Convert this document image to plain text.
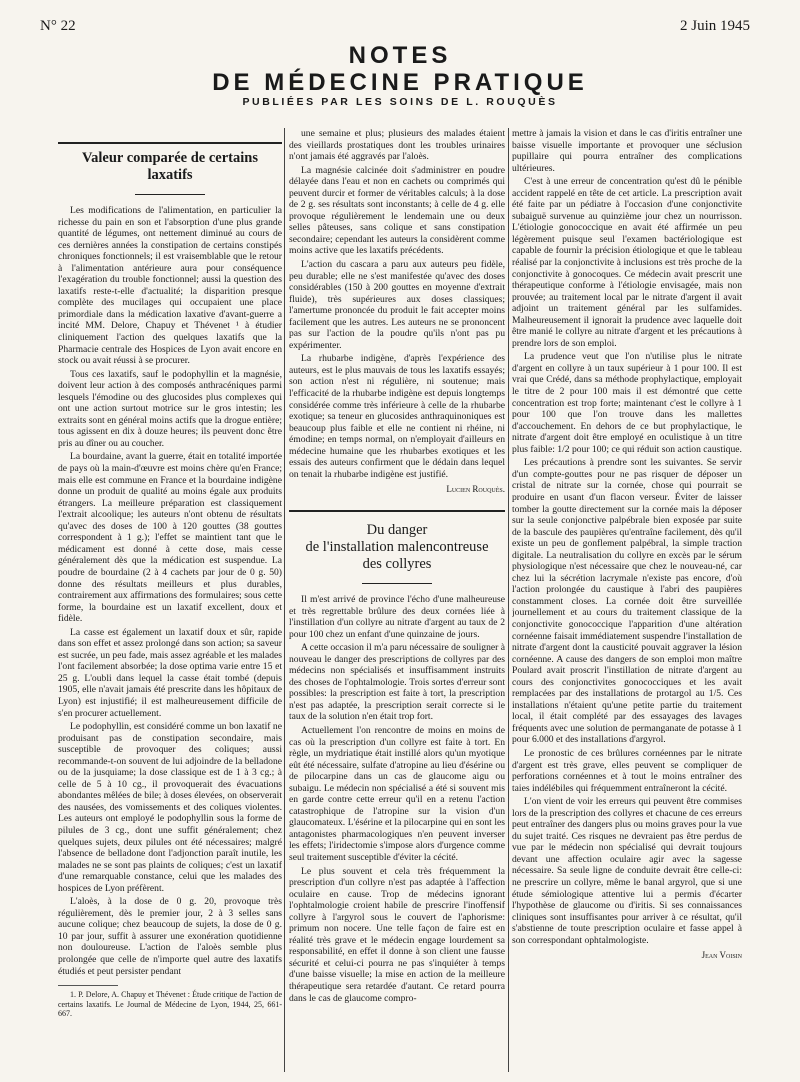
N° 22	2 Juin 1945
NOTES
DE MÉDECINE PRATIQUE
PUBLIÉES PAR LES SOINS DE L. ROUQUÈS
Valeur comparée de certains laxatifs

Les modifications de l'alimentation, en particulier la richesse du pain en son et l'absorption d'une plus grande quantité de légumes, ont nettement diminué au cours de ces dernières années la constipation de certains constipés chroniques fonctionnels; il est vraisemblable que le retour à l'alimentation antérieure aura pour conséquence l'exagération du trouble fonctionnel; aussi la question des laxatifs reste-t-elle d'actualité; la disparition presque complète des mucilages qui occupaient une place primordiale dans la médication laxative d'avant-guerre a incité MM. Delore, Chapuy et Thévenet ¹ à étudier cliniquement l'action des quelques laxatifs que la Pharmacie centrale des Hospices de Lyon avait encore en stock ou avait réussi à se procurer.

Tous ces laxatifs, sauf le podophyllin et la magnésie, doivent leur action à des composés anthracéniques parmi lesquels l'émodine ou des glucosides plus complexes qui ont une action surtout motrice sur le gros intestin; les extraits sont en général moins actifs que la drogue entière; tous agissent en dix à douze heures; ils peuvent donc être pris au dîner ou au coucher.

La bourdaine, avant la guerre, était en totalité importée de pays où la main-d'œuvre est moins chère qu'en France; mais elle est commune en France et la bourdaine indigène donne un produit de qualité au moins égale aux produits étrangers. La meilleure préparation est classiquement l'extrait alcoolique; les auteurs n'ont obtenu de résultats qu'avec des doses de 100 à 120 gouttes (38 gouttes correspondent à 1 g.); l'effet se maintient tant que le médicament est donné à cette dose, mais cesse généralement dès que la médication est suspendue. La poudre de bourdaine (2 à 4 cachets par jour de 0 g. 50) donne des résultats meilleurs et plus durables, contrairement aux affirmations des formulaires; sous cette forme, la bourdaine est un laxatif excellent, doux et fidèle.

La casse est également un laxatif doux et sûr, rapide dans son effet et assez prolongé dans son action; sa saveur est sucrée, un peu fade, mais assez agréable et les malades l'ont facilement absorbée; la dose optima varie entre 15 et 25 g. L'oubli dans lequel la casse était tombé (depuis 1905, elle n'avait jamais été prescrite dans les hôpitaux de Lyon) est injustifié; il est malheureusement difficile de s'en procurer actuellement.

Le podophyllin, est considéré comme un bon laxatif ne produisant pas de constipation secondaire, mais susceptible de provoquer des coliques; aussi recommande-t-on souvent de lui adjoindre de la belladone ou de la jusquiame; la dose classique est de 1 à 3 cg.; à celle de 5 à 10 cg., il provoquerait des évacuations abondantes mêlées de bile; à doses élevées, on observerait des nausées, des vomissements et des coliques violentes. Les auteurs ont employé le podophyllin sous la forme de pilules de 3 cg., dont une suffit généralement; chez quelques sujets, deux pilules ont été nécessaires; malgré l'absence de belladone dont l'adjonction paraît inutile, les malades ne se sont pas plaints de coliques; c'est un laxatif d'une remarquable constance, celui que les malades des hospices de Lyon préfèrent.

L'aloès, à la dose de 0 g. 20, provoque très régulièrement, dès le premier jour, 2 à 3 selles sans aucune colique; chez beaucoup de sujets, la dose de 0 g. 10 par jour, suffit à assurer une exonération quotidienne non douloureuse. L'action de l'aloès semble plus prolongée que celle de n'importe quel autre des laxatifs étudiés et peut persister pendant

1. P. Delore, A. Chapuy et Thévenet : Étude critique de l'action de certains laxatifs. Le Journal de Médecine de Lyon, 1944, 25, 661-667.

une semaine et plus; plusieurs des malades étaient des vieillards prostatiques dont les troubles urinaires n'ont jamais été aggravés par l'aloès.

La magnésie calcinée doit s'administrer en poudre délayée dans l'eau et non en cachets ou comprimés qui peuvent durcir et former de véritables calculs; à la dose de 2 g. ses résultats sont inconstants; à celle de 4 g. elle provoque régulièrement le lendemain une ou deux selles pâteuses, sans colique et sans constipation secondaire; cependant les auteurs la considèrent comme moins active que les laxatifs précédents.

L'action du cascara a paru aux auteurs peu fidèle, peu durable; elle ne s'est manifestée qu'avec des doses considérables (150 à 200 gouttes en moyenne d'extrait fluide), très supérieures aux doses classiques; l'amertume prononcée du produit le fait accepter moins facilement que les autres. Les auteurs ne se prononcent pas sur l'action de la poudre qu'ils n'ont pas pu expérimenter.

La rhubarbe indigène, d'après l'expérience des auteurs, est le plus mauvais de tous les laxatifs essayés; son action n'est ni régulière, ni soutenue; mais l'efficacité de la rhubarbe indigène est depuis longtemps considérée comme très inférieure à celle de la rhubarbe exotique; sa teneur en glucosides anthraquinoniques est beaucoup plus faible et elle ne contient ni rhéine, ni émodine; en temps normal, on n'employait d'ailleurs en médecine humaine que les rhubarbes exotiques et les essais des auteurs confirment que le dédain dans lequel on tenait la rhubarbe indigène est justifié.

Lucien Rouquès.

Du danger
de l'installation malencontreuse
des collyres

Il m'est arrivé de province l'écho d'une malheureuse et très regrettable brûlure des deux cornées liée à l'instillation d'un collyre au nitrate d'argent au taux de 2 pour 100 chez un enfant d'une quinzaine de jours.

A cette occasion il m'a paru nécessaire de souligner à nouveau le danger des prescriptions de collyres par des médecins non spécialisés et insuffisamment instruits des choses de l'ophtalmologie. Trois sortes d'erreur sont possibles: la prescription est faite à tort, la prescription n'est pas adaptée, la prescription serait correcte si le taux de la solution n'en était trop fort.

Actuellement l'on rencontre de moins en moins de cas où la prescription d'un collyre est faite à tort. En règle, un mydriatique était instillé alors qu'un myotique eût été nécessaire, sulfate d'atropine au lieu d'ésérine ou de pilocarpine dans un cas de glaucome aigu ou subaigu. Le médecin non spécialisé a été si souvent mis en garde contre cette erreur qu'il en a retenu l'action catastrophique de l'atropine sur la vision d'un glaucomateux. L'ésérine et la pilocarpine qui en sont les antagonistes pharmacologiques n'en peuvent inverser les effets; l'iridectomie s'impose alors d'urgence comme seul traitement susceptible d'éviter la cécité.

Le plus souvent et cela très fréquemment la prescription d'un collyre n'est pas adaptée à l'affection oculaire en cause. Trop de médecins ignorant l'ophtalmologie croient habile de prescrire l'inoffensif collyre à l'argyrol sous le couvert de l'aphorisme: primum non nocere. Une telle façon de faire est en réalité très grave et le médecin engage lourdement sa responsabilité, en effet il donne à son client une fausse sécurité et celui-ci pourra ne pas s'inquiéter à temps d'une baisse visuelle; la mise en action de la meilleure thérapeutique sera retardée d'autant. Ce retard pourra dans le cas de glaucome compro-

mettre à jamais la vision et dans le cas d'iritis entraîner une baisse visuelle importante et provoquer une séclusion pupillaire qui pourra entraîner des complications ultérieures.

C'est à une erreur de concentration qu'est dû le pénible accident rappelé en tête de cet article. La prescription avait été faite par un pédiatre à l'occasion d'une conjonctivite subaiguë survenue au quinzième jour chez un nourrisson. L'étiologie gonococcique en avait été affirmée un peu légèrement puisque seul l'examen bactériologique est capable de fournir la précision étiologique et que le tableau réalisé par la conjonctivite à inclusions est très proche de la conjonctivite à gonocoques. Ce médecin avait prescrit une thérapeutique conforme à l'étiologie envisagée, mais non prouvée; au traitement local par le nitrate d'argent il avait adjoint un traitement général par les sulfamides. Malheureusement il ignorait la prudence avec laquelle doit être manié le collyre au nitrate d'argent et les précautions à prendre lors de son emploi.

La prudence veut que l'on n'utilise plus le nitrate d'argent en collyre à un taux supérieur à 1 pour 100. Il est vrai que Crédé, dans sa méthode prophylactique, employait le titre de 2 pour 100 mais il est démontré que cette concentration est trop forte; maintenant c'est le collyre à 1 pour 100 que l'on trouve dans les mallettes d'accouchement. En dehors de ce but prophylactique, le nitrate d'argent doit être employé en oculistique à un titre plus faible: 1/2 pour 100; ce qui réduit son action caustique.

Les précautions à prendre sont les suivantes. Se servir d'un compte-gouttes pour ne pas risquer de déposer un cristal de nitrate sur la cornée, chose qui pourrait se produire en usant d'un flacon verseur. Éviter de laisser tomber la goutte directement sur la cornée mais la déposer sur la seule conjonctive palpébrale bien exposée par suite de la bascule des paupières qu'entraîne facilement, dès qu'il existe un peu de gonflement palpébral, la simple traction digitale. La neutralisation du collyre en excès par le sérum physiologique n'est nécessaire que chez le nouveau-né, car chez lui la sécrétion lacrymale n'existe pas encore, d'où l'action prolongée du caustique à l'abri des paupières constamment closes. La cornée doit être surveillée journellement et au cours du traitement classique de la conjonctivite gonococcique l'apparition d'une altération cornéenne faisait immédiatement suspendre l'installation de nitrate d'argent dont la causticité pouvait aggraver la lésion cornéenne. A cause des dangers de son emploi mon maître Poulard avait proscrit l'instillation de nitrate d'argent au cours des conjonctivites gonococciques et les avait remplacées par des installations de protargol au 1/5. Ces installations n'étaient qu'une petite partie du traitement local, il était complété par des essayages des lavages fréquents avec une solution de permanganate de potasse à 1 pour 6.000 et des installations d'argyrol.

Le pronostic de ces brûlures cornéennes par le nitrate d'argent est très grave, elles peuvent se compliquer de perforations cornéennes et à tout le moins entraîner des taies indélébiles qui fréquemment entraîneront la cécité.

L'on vient de voir les erreurs qui peuvent être commises lors de la prescription des collyres et chacune de ces erreurs peut entraîner des dangers plus ou moins graves pour la vue du sujet traité. Ces risques ne devraient pas être perdus de vue par le médecin non spécialisé qui devrait toujours devant une affection oculaire agir avec la sagesse nécessaire. Sa seule ligne de conduite devrait être celle-ci: ne prescrire un collyre, même le banal argyrol, que si une étude sémiologique attentive lui a permis d'écarter l'hypothèse de glaucome ou d'iritis. Si ses connaissances cliniques sont insuffisantes pour arriver à ce résultat, qu'il s'abstienne de toute prescription oculaire et fasse appel à son correspondant ophtalmologiste.

Jean Voisin
